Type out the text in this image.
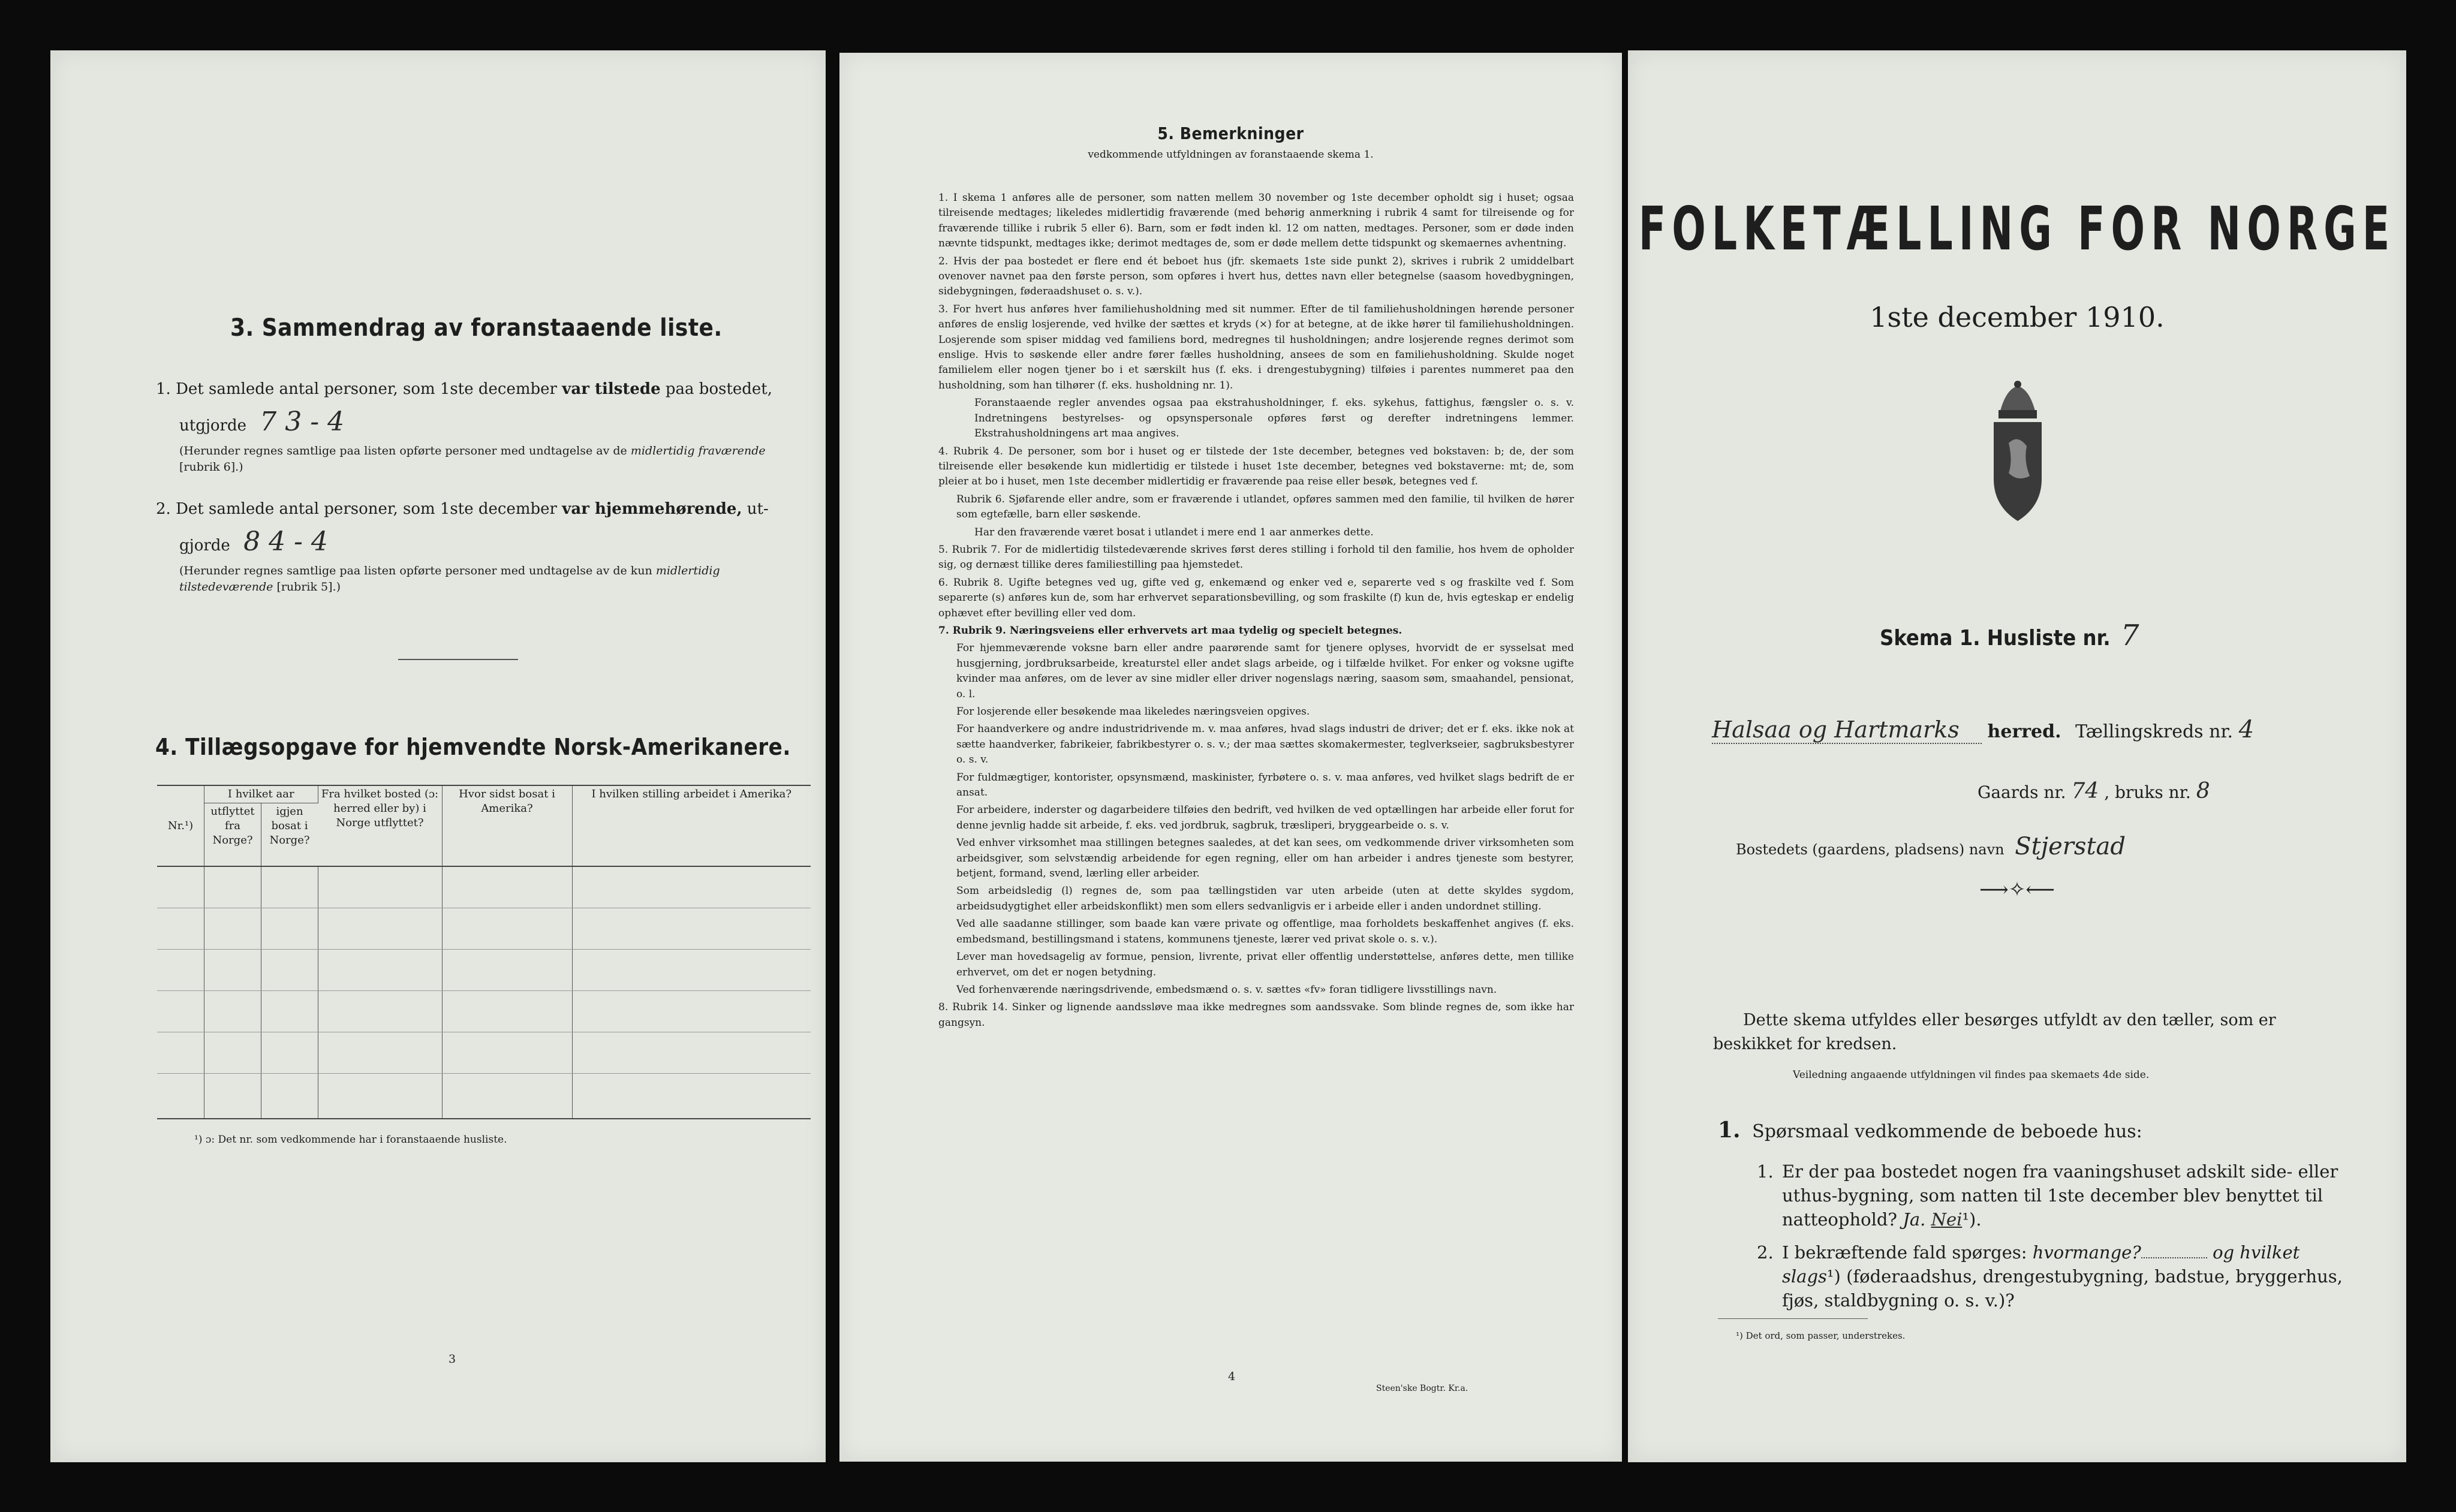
3. Sammendrag av foranstaaende liste.
1. Det samlede antal personer, som 1ste december var tilstede paa bostedet,
utgjorde 7 3 - 4
(Herunder regnes samtlige paa listen opførte personer med undtagelse av de midlertidig fraværende [rubrik 6].)
2. Det samlede antal personer, som 1ste december var hjemmehørende, ut-
gjorde 8 4 - 4
(Herunder regnes samtlige paa listen opførte personer med undtagelse av de kun midlertidig tilstedeværende [rubrik 5].)
4. Tillægsopgave for hjemvendte Norsk-Amerikanere.
Nr.¹)	I hvilket aar		Fra hvilket bosted (ɔ: herred eller by) i Norge utflyttet?	Hvor sidst bosat i Amerika?	I hvilken stilling arbeidet i Amerika?
	utflyttet fra Norge?	igjen bosat i Norge?			

¹) ɔ: Det nr. som vedkommende har i foranstaaende husliste.
3
5. Bemerkninger
vedkommende utfyldningen av foranstaaende skema 1.

1. I skema 1 anføres alle de personer, som natten mellem 30 november og 1ste december opholdt sig i huset; ogsaa tilreisende medtages; likeledes midlertidig fraværende (med behørig anmerkning i rubrik 4 samt for tilreisende og for fraværende tillike i rubrik 5 eller 6). Barn, som er født inden kl. 12 om natten, medtages. Personer, som er døde inden nævnte tidspunkt, medtages ikke; derimot medtages de, som er døde mellem dette tidspunkt og skemaernes avhentning.

2. Hvis der paa bostedet er flere end ét beboet hus (jfr. skemaets 1ste side punkt 2), skrives i rubrik 2 umiddelbart ovenover navnet paa den første person, som opføres i hvert hus, dettes navn eller betegnelse (saasom hovedbygningen, sidebygningen, føderaadshuset o. s. v.).

3. For hvert hus anføres hver familiehusholdning med sit nummer. Efter de til familiehusholdningen hørende personer anføres de enslig losjerende, ved hvilke der sættes et kryds (×) for at betegne, at de ikke hører til familiehusholdningen. Losjerende som spiser middag ved familiens bord, medregnes til husholdningen; andre losjerende regnes derimot som enslige. Hvis to søskende eller andre fører fælles husholdning, ansees de som en familiehusholdning. Skulde noget familielem eller nogen tjener bo i et særskilt hus (f. eks. i drengestubygning) tilføies i parentes nummeret paa den husholdning, som han tilhører (f. eks. husholdning nr. 1).

Foranstaaende regler anvendes ogsaa paa ekstrahusholdninger, f. eks. sykehus, fattighus, fængsler o. s. v. Indretningens bestyrelses- og opsynspersonale opføres først og derefter indretningens lemmer. Ekstrahusholdningens art maa angives.

4. Rubrik 4. De personer, som bor i huset og er tilstede der 1ste december, betegnes ved bokstaven: b; de, der som tilreisende eller besøkende kun midlertidig er tilstede i huset 1ste december, betegnes ved bokstaverne: mt; de, som pleier at bo i huset, men 1ste december midlertidig er fraværende paa reise eller besøk, betegnes ved f.

Rubrik 6. Sjøfarende eller andre, som er fraværende i utlandet, opføres sammen med den familie, til hvilken de hører som egtefælle, barn eller søskende.

Har den fraværende været bosat i utlandet i mere end 1 aar anmerkes dette.

5. Rubrik 7. For de midlertidig tilstedeværende skrives først deres stilling i forhold til den familie, hos hvem de opholder sig, og dernæst tillike deres familiestilling paa hjemstedet.

6. Rubrik 8. Ugifte betegnes ved ug, gifte ved g, enkemænd og enker ved e, separerte ved s og fraskilte ved f. Som separerte (s) anføres kun de, som har erhvervet separationsbevilling, og som fraskilte (f) kun de, hvis egteskap er endelig ophævet efter bevilling eller ved dom.

7. Rubrik 9. Næringsveiens eller erhvervets art maa tydelig og specielt betegnes.

For hjemmeværende voksne barn eller andre paarørende samt for tjenere oplyses, hvorvidt de er sysselsat med husgjerning, jordbruksarbeide, kreaturstel eller andet slags arbeide, og i tilfælde hvilket. For enker og voksne ugifte kvinder maa anføres, om de lever av sine midler eller driver nogenslags næring, saasom søm, smaahandel, pensionat, o. l.

For losjerende eller besøkende maa likeledes næringsveien opgives.

For haandverkere og andre industridrivende m. v. maa anføres, hvad slags industri de driver; det er f. eks. ikke nok at sætte haandverker, fabrikeier, fabrikbestyrer o. s. v.; der maa sættes skomakermester, teglverkseier, sagbruksbestyrer o. s. v.

For fuldmægtiger, kontorister, opsynsmænd, maskinister, fyrbøtere o. s. v. maa anføres, ved hvilket slags bedrift de er ansat.

For arbeidere, inderster og dagarbeidere tilføies den bedrift, ved hvilken de ved optællingen har arbeide eller forut for denne jevnlig hadde sit arbeide, f. eks. ved jordbruk, sagbruk, træsliperi, bryggearbeide o. s. v.

Ved enhver virksomhet maa stillingen betegnes saaledes, at det kan sees, om vedkommende driver virksomheten som arbeidsgiver, som selvstændig arbeidende for egen regning, eller om han arbeider i andres tjeneste som bestyrer, betjent, formand, svend, lærling eller arbeider.

Som arbeidsledig (l) regnes de, som paa tællingstiden var uten arbeide (uten at dette skyldes sygdom, arbeidsudygtighet eller arbeidskonflikt) men som ellers sedvanligvis er i arbeide eller i anden undordnet stilling.

Ved alle saadanne stillinger, som baade kan være private og offentlige, maa forholdets beskaffenhet angives (f. eks. embedsmand, bestillingsmand i statens, kommunens tjeneste, lærer ved privat skole o. s. v.).

Lever man hovedsagelig av formue, pension, livrente, privat eller offentlig understøttelse, anføres dette, men tillike erhvervet, om det er nogen betydning.

Ved forhenværende næringsdrivende, embedsmænd o. s. v. sættes «fv» foran tidligere livsstillings navn.

8. Rubrik 14. Sinker og lignende aandssløve maa ikke medregnes som aandssvake. Som blinde regnes de, som ikke har gangsyn.

4
Steen'ske Bogtr. Kr.a.
FOLKETÆLLING FOR NORGE
1ste december 1910.
Skema 1. Husliste nr. 7
Halsaa og Hartmarks herred. Tællingskreds nr. 4
Gaards nr. 74 , bruks nr. 8
Bostedets (gaardens, pladsens) navn Stjerstad
⟶✧⟵
Dette skema utfyldes eller besørges utfyldt av den tæller, som er beskikket for kredsen.
Veiledning angaaende utfyldningen vil findes paa skemaets 4de side.
1. Spørsmaal vedkommende de beboede hus:
1. Er der paa bostedet nogen fra vaaningshuset adskilt side- eller uthus-bygning, som natten til 1ste december blev benyttet til natteophold? Ja. Nei¹).
2. I bekræftende fald spørges: hvormange?	og hvilket slags¹) (føderaadshus, drengestubygning, badstue, bryggerhus, fjøs, staldbygning o. s. v.)?
¹) Det ord, som passer, understrekes.
